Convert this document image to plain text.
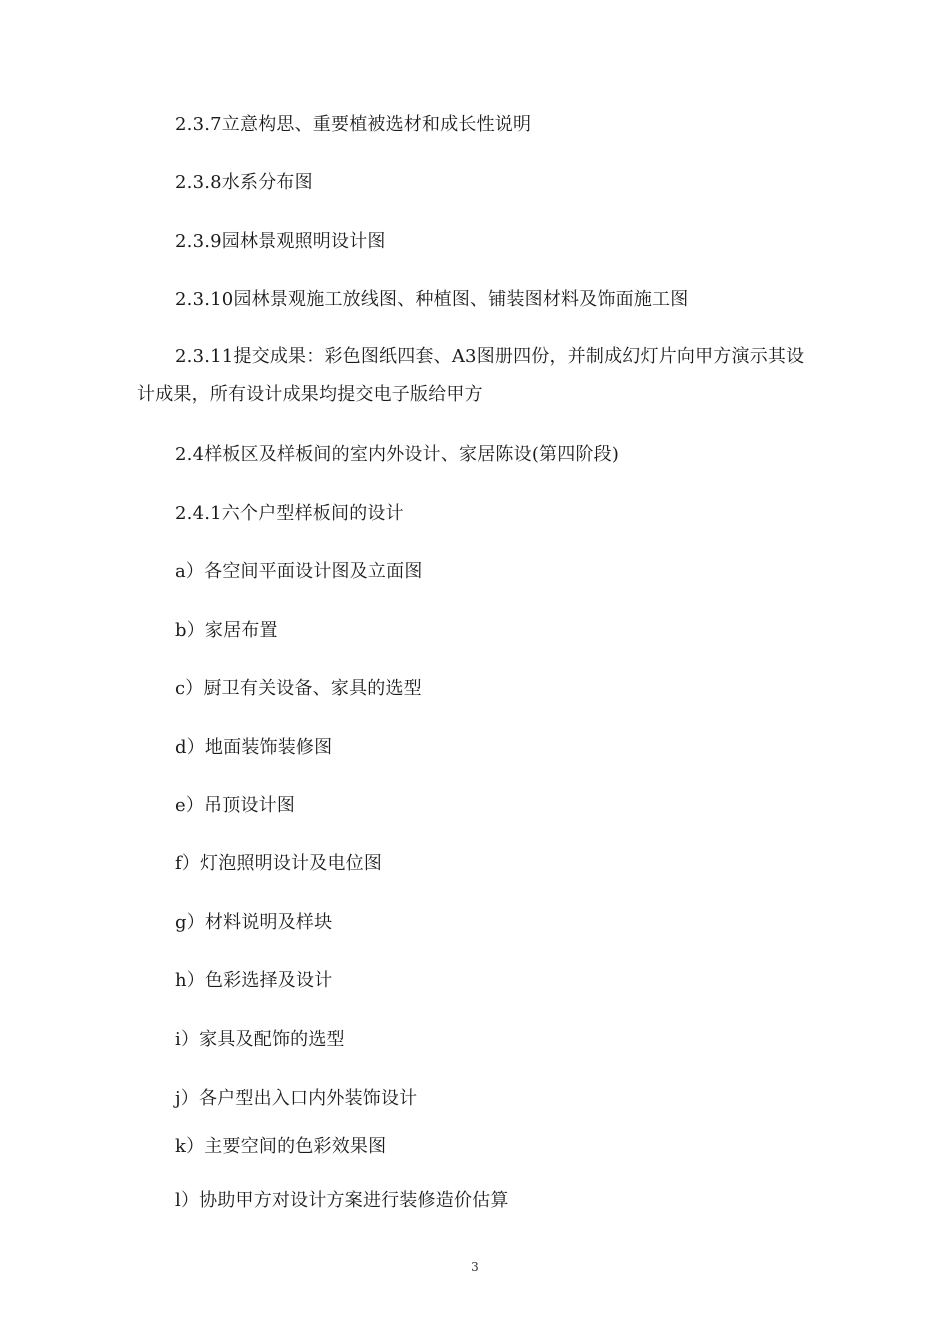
2.3.7立意构思、重要植被选材和成长性说明
2.3.8水系分布图
2.3.9园林景观照明设计图
2.3.10园林景观施工放线图、种植图、铺装图材料及饰面施工图
2.3.11提交成果：彩色图纸四套、A3图册四份，并制成幻灯片向甲方演示其设计成果，所有设计成果均提交电子版给甲方
2.4样板区及样板间的室内外设计、家居陈设(第四阶段)
2.4.1六个户型样板间的设计
a）各空间平面设计图及立面图
b）家居布置
c）厨卫有关设备、家具的选型
d）地面装饰装修图
e）吊顶设计图
f）灯泡照明设计及电位图
g）材料说明及样块
h）色彩选择及设计
i）家具及配饰的选型
j）各户型出入口内外装饰设计
k）主要空间的色彩效果图
l）协助甲方对设计方案进行装修造价估算
3
